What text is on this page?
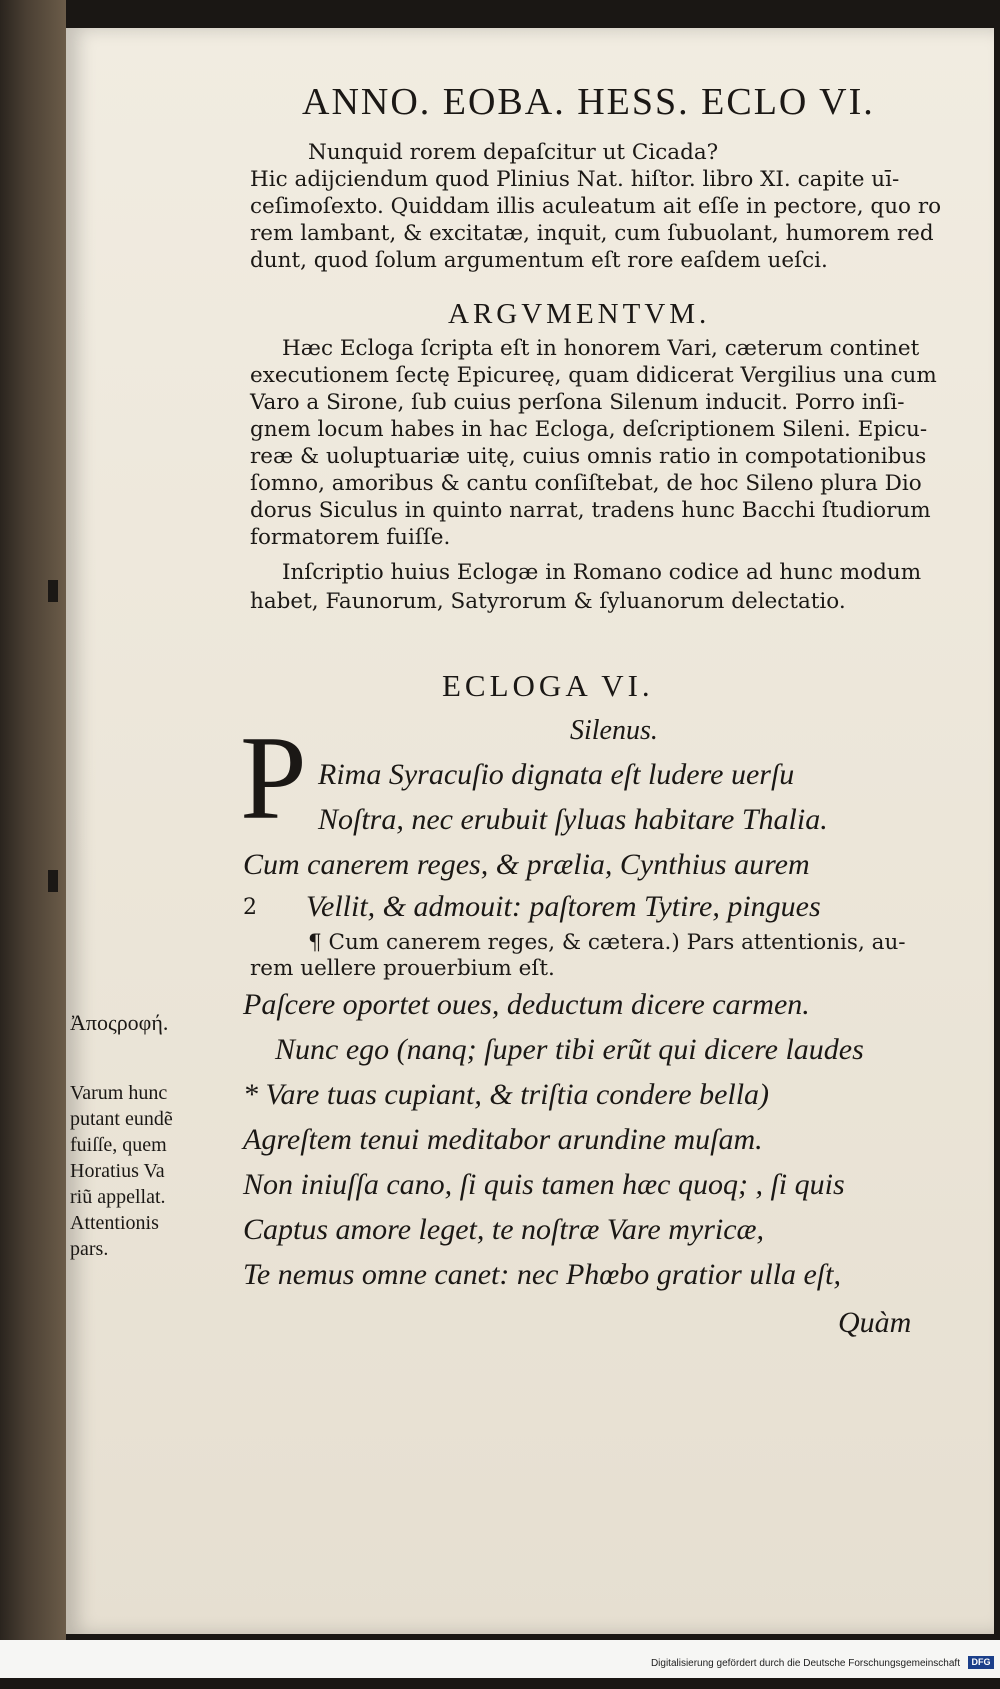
ANNO. EOBA. HESS. ECLO VI.
Nunquid rorem depaſcitur ut Cicada?
Hic adijciendum quod Plinius Nat. hiſtor. libro XI. capite uī-
ceſimoſexto. Quiddam illis aculeatum ait eſſe in pectore, quo ro
rem lambant, & excitatæ, inquit, cum ſubuolant, humorem red
dunt, quod ſolum argumentum eſt rore eaſdem ueſci.
ARGVMENTVM.
Hæc Ecloga ſcripta eſt in honorem Vari, cæterum continet
executionem ſectę Epicureę, quam didicerat Vergilius una cum
Varo a Sirone, ſub cuius perſona Silenum inducit. Porro inſi-
gnem locum habes in hac Ecloga, deſcriptionem Sileni. Epicu-
reæ & uoluptuariæ uitę, cuius omnis ratio in compotationibus
ſomno, amoribus & cantu conſiſtebat, de hoc Sileno plura Dio
dorus Siculus in quinto narrat, tradens hunc Bacchi ſtudiorum
formatorem fuiſſe.
Inſcriptio huius Eclogæ in Romano codice ad hunc modum
habet, Faunorum, Satyrorum & ſyluanorum delectatio.
ECLOGA VI.
Silenus.
P Rima Syracuſio dignata eſt ludere uerſu
Noſtra, nec erubuit ſyluas habitare Thalia.
Cum canerem reges, & prælia, Cynthius aurem
2 Vellit, & admouit: paſtorem Tytire, pingues
¶ Cum canerem reges, & cætera.) Pars attentionis, au-
rem uellere prouerbium eſt.
Paſcere oportet oues, deductum dicere carmen.
Nunc ego (nanq; ſuper tibi erũt qui dicere laudes
* Vare tuas cupiant, & triſtia condere bella)
Agreſtem tenui meditabor arundine muſam.
Non iniuſſa cano, ſi quis tamen hæc quoq; , ſi quis
Captus amore leget, te noſtræ Vare myricæ,
Te nemus omne canet: nec Phœbo gratior ulla eſt,
Quàm
Ἀποςροφή.
Varum hunc
putant eundẽ
fuiſſe, quem
Horatius Va
riũ appellat.
Attentionis
pars.
Digitalisierung gefördert durch die Deutsche Forschungsgemeinschaft	DFG
